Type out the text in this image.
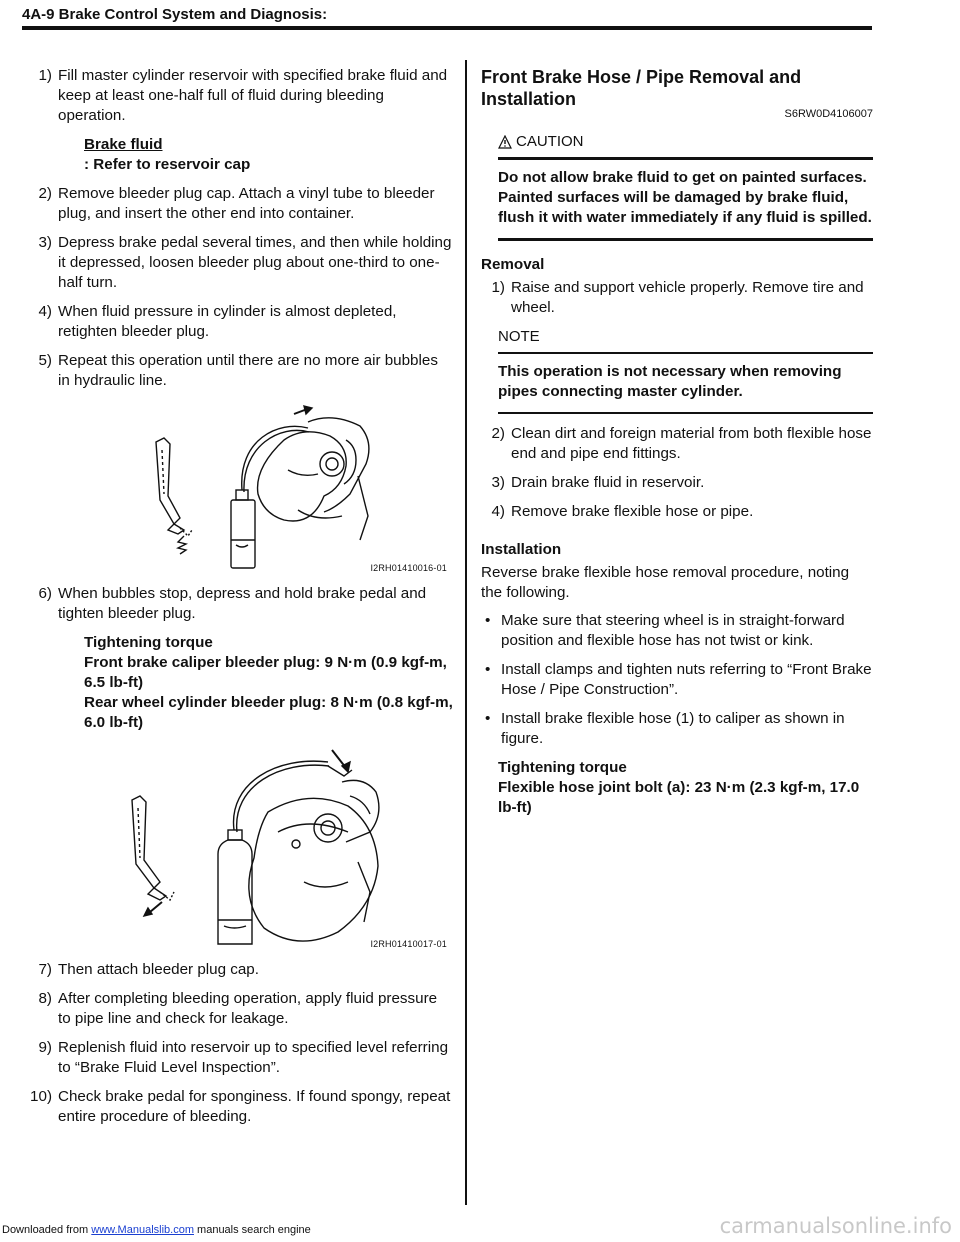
4A-9 Brake Control System and Diagnosis:
1) Fill master cylinder reservoir with specified brake fluid and keep at least one-half full of fluid during bleeding operation.
Brake fluid
: Refer to reservoir cap
2) Remove bleeder plug cap. Attach a vinyl tube to bleeder plug, and insert the other end into container.
3) Depress brake pedal several times, and then while holding it depressed, loosen bleeder plug about one-third to one-half turn.
4) When fluid pressure in cylinder is almost depleted, retighten bleeder plug.
5) Repeat this operation until there are no more air bubbles in hydraulic line.
I2RH01410016-01
6) When bubbles stop, depress and hold brake pedal and tighten bleeder plug.
Tightening torque
Front brake caliper bleeder plug: 9 N·m (0.9 kgf-m, 6.5 lb-ft)
Rear wheel cylinder bleeder plug: 8 N·m (0.8 kgf-m, 6.0 lb-ft)
I2RH01410017-01
7) Then attach bleeder plug cap.
8) After completing bleeding operation, apply fluid pressure to pipe line and check for leakage.
9) Replenish fluid into reservoir up to specified level referring to “Brake Fluid Level Inspection”.
10) Check brake pedal for sponginess. If found spongy, repeat entire procedure of bleeding.
Front Brake Hose / Pipe Removal and Installation
S6RW0D4106007
CAUTION
Do not allow brake fluid to get on painted surfaces. Painted surfaces will be damaged by brake fluid, flush it with water immediately if any fluid is spilled.
Removal
1) Raise and support vehicle properly. Remove tire and wheel.
NOTE
This operation is not necessary when removing pipes connecting master cylinder.
2) Clean dirt and foreign material from both flexible hose end and pipe end fittings.
3) Drain brake fluid in reservoir.
4) Remove brake flexible hose or pipe.
Installation
Reverse brake flexible hose removal procedure, noting the following.
• Make sure that steering wheel is in straight-forward position and flexible hose has not twist or kink.
• Install clamps and tighten nuts referring to “Front Brake Hose / Pipe Construction”.
• Install brake flexible hose (1) to caliper as shown in figure.
Tightening torque
Flexible hose joint bolt (a): 23 N·m (2.3 kgf-m, 17.0 lb-ft)
Downloaded from www.Manualslib.com manuals search engine	carmanualsonline.info
